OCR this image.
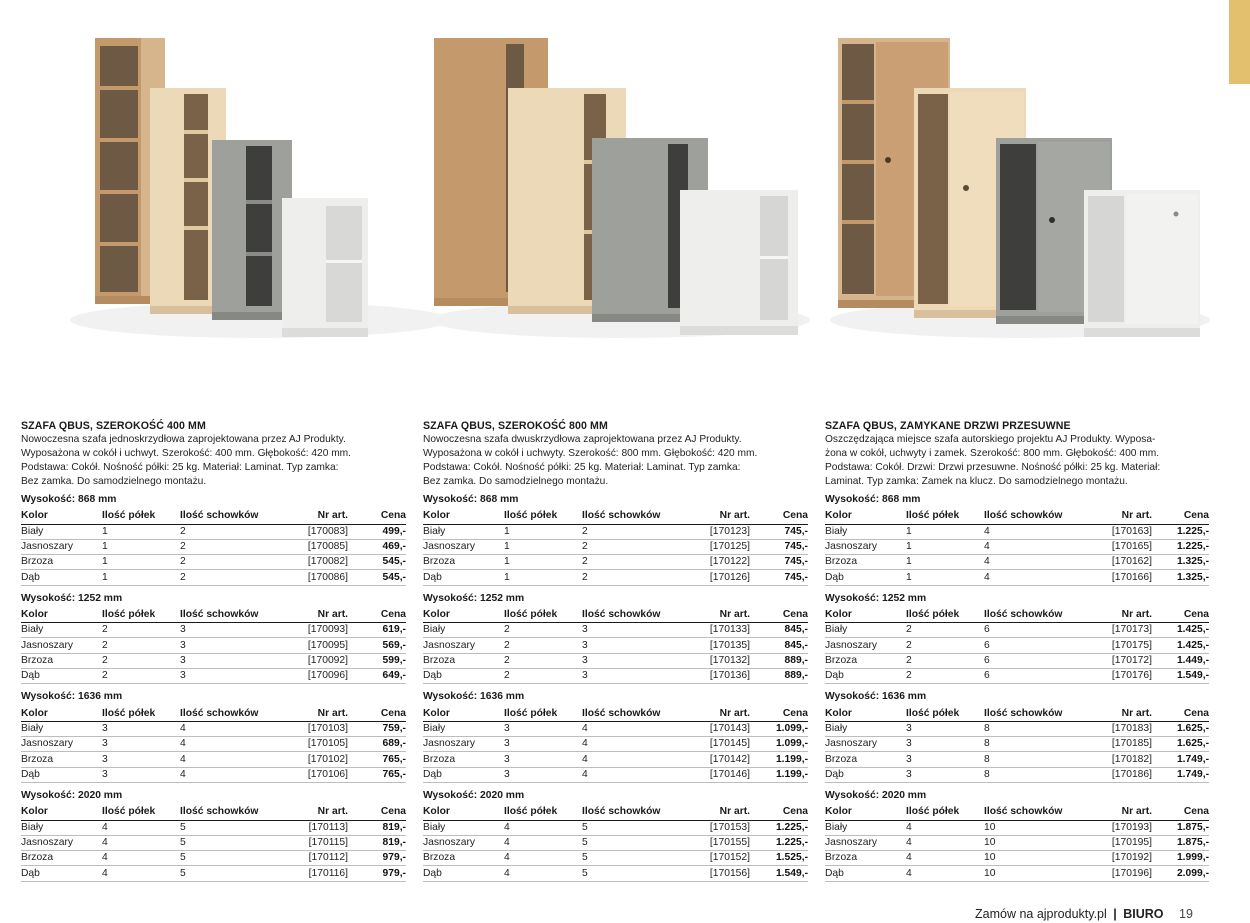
SZAFA QBUS, SZEROKOŚĆ 400 MM
Nowoczesna szafa jednoskrzydłowa zaprojektowana przez AJ Produkty.
Wyposażona w cokół i uchwyt. Szerokość: 400 mm. Głębokość: 420 mm.
Podstawa: Cokół. Nośność półki: 25 kg. Materiał: Laminat. Typ zamka:
Bez zamka. Do samodzielnego montażu.
Wysokość: 868 mm
Kolor	Ilość półek	Ilość schowków	Nr art.	Cena
Biały	1	2	[170083]	499,-
Jasnoszary	1	2	[170085]	469,-
Brzoza	1	2	[170082]	545,-
Dąb	1	2	[170086]	545,-
Wysokość: 1252 mm
Kolor	Ilość półek	Ilość schowków	Nr art.	Cena
Biały	2	3	[170093]	619,-
Jasnoszary	2	3	[170095]	569,-
Brzoza	2	3	[170092]	599,-
Dąb	2	3	[170096]	649,-
Wysokość: 1636 mm
Kolor	Ilość półek	Ilość schowków	Nr art.	Cena
Biały	3	4	[170103]	759,-
Jasnoszary	3	4	[170105]	689,-
Brzoza	3	4	[170102]	765,-
Dąb	3	4	[170106]	765,-
Wysokość: 2020 mm
Kolor	Ilość półek	Ilość schowków	Nr art.	Cena
Biały	4	5	[170113]	819,-
Jasnoszary	4	5	[170115]	819,-
Brzoza	4	5	[170112]	979,-
Dąb	4	5	[170116]	979,-
SZAFA QBUS, SZEROKOŚĆ 800 MM
Nowoczesna szafa dwuskrzydłowa zaprojektowana przez AJ Produkty.
Wyposażona w cokół i uchwyty. Szerokość: 800 mm. Głębokość: 420 mm.
Podstawa: Cokół. Nośność półki: 25 kg. Materiał: Laminat. Typ zamka:
Bez zamka. Do samodzielnego montażu.
Wysokość: 868 mm
Kolor	Ilość półek	Ilość schowków	Nr art.	Cena
Biały	1	2	[170123]	745,-
Jasnoszary	1	2	[170125]	745,-
Brzoza	1	2	[170122]	745,-
Dąb	1	2	[170126]	745,-
Wysokość: 1252 mm
Kolor	Ilość półek	Ilość schowków	Nr art.	Cena
Biały	2	3	[170133]	845,-
Jasnoszary	2	3	[170135]	845,-
Brzoza	2	3	[170132]	889,-
Dąb	2	3	[170136]	889,-
Wysokość: 1636 mm
Kolor	Ilość półek	Ilość schowków	Nr art.	Cena
Biały	3	4	[170143]	1.099,-
Jasnoszary	3	4	[170145]	1.099,-
Brzoza	3	4	[170142]	1.199,-
Dąb	3	4	[170146]	1.199,-
Wysokość: 2020 mm
Kolor	Ilość półek	Ilość schowków	Nr art.	Cena
Biały	4	5	[170153]	1.225,-
Jasnoszary	4	5	[170155]	1.225,-
Brzoza	4	5	[170152]	1.525,-
Dąb	4	5	[170156]	1.549,-
SZAFA QBUS, ZAMYKANE DRZWI PRZESUWNE
Oszczędzająca miejsce szafa autorskiego projektu AJ Produkty. Wyposa-
żona w cokół, uchwyty i zamek. Szerokość: 800 mm. Głębokość: 400 mm.
Podstawa: Cokół. Drzwi: Drzwi przesuwne. Nośność półki: 25 kg. Materiał:
Laminat. Typ zamka: Zamek na klucz. Do samodzielnego montażu.
Wysokość: 868 mm
Kolor	Ilość półek	Ilość schowków	Nr art.	Cena
Biały	1	4	[170163]	1.225,-
Jasnoszary	1	4	[170165]	1.225,-
Brzoza	1	4	[170162]	1.325,-
Dąb	1	4	[170166]	1.325,-
Wysokość: 1252 mm
Kolor	Ilość półek	Ilość schowków	Nr art.	Cena
Biały	2	6	[170173]	1.425,-
Jasnoszary	2	6	[170175]	1.425,-
Brzoza	2	6	[170172]	1.449,-
Dąb	2	6	[170176]	1.549,-
Wysokość: 1636 mm
Kolor	Ilość półek	Ilość schowków	Nr art.	Cena
Biały	3	8	[170183]	1.625,-
Jasnoszary	3	8	[170185]	1.625,-
Brzoza	3	8	[170182]	1.749,-
Dąb	3	8	[170186]	1.749,-
Wysokość: 2020 mm
Kolor	Ilość półek	Ilość schowków	Nr art.	Cena
Biały	4	10	[170193]	1.875,-
Jasnoszary	4	10	[170195]	1.875,-
Brzoza	4	10	[170192]	1.999,-
Dąb	4	10	[170196]	2.099,-
Zamów na ajprodukty.pl | BIURO 19
